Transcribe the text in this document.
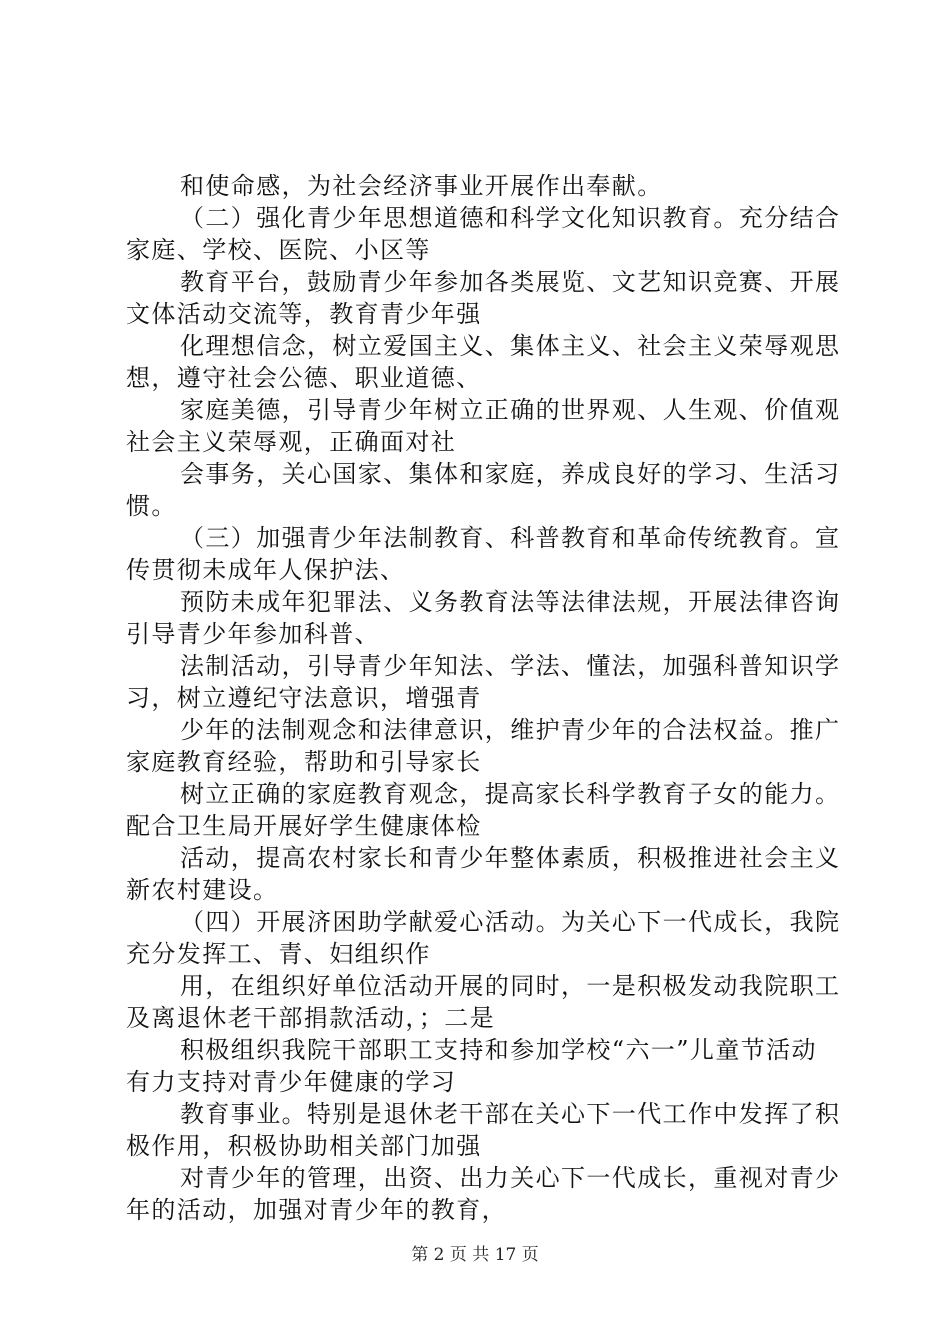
和使命感，为社会经济事业开展作出奉献。
（二）强化青少年思想道德和科学文化知识教育。充分结合
家庭、学校、医院、小区等
教育平台，鼓励青少年参加各类展览、文艺知识竞赛、开展
文体活动交流等，教育青少年强
化理想信念，树立爱国主义、集体主义、社会主义荣辱观思
想，遵守社会公德、职业道德、
家庭美德，引导青少年树立正确的世界观、人生观、价值观
社会主义荣辱观，正确面对社
会事务，关心国家、集体和家庭，养成良好的学习、生活习
惯。
（三）加强青少年法制教育、科普教育和革命传统教育。宣
传贯彻未成年人保护法、
预防未成年犯罪法、义务教育法等法律法规，开展法律咨询
引导青少年参加科普、
法制活动，引导青少年知法、学法、懂法，加强科普知识学
习，树立遵纪守法意识，增强青
少年的法制观念和法律意识，维护青少年的合法权益。推广
家庭教育经验，帮助和引导家长
树立正确的家庭教育观念，提高家长科学教育子女的能力。
配合卫生局开展好学生健康体检
活动，提高农村家长和青少年整体素质，积极推进社会主义
新农村建设。
（四）开展济困助学献爱心活动。为关心下一代成长，我院
充分发挥工、青、妇组织作
用，在组织好单位活动开展的同时，一是积极发动我院职工
及离退休老干部捐款活动，；二是
积极组织我院干部职工支持和参加学校“六一”儿童节活动
有力支持对青少年健康的学习
教育事业。特别是退休老干部在关心下一代工作中发挥了积
极作用，积极协助相关部门加强
对青少年的管理，出资、出力关心下一代成长，重视对青少
年的活动，加强对青少年的教育，
第 2 页 共 17 页
